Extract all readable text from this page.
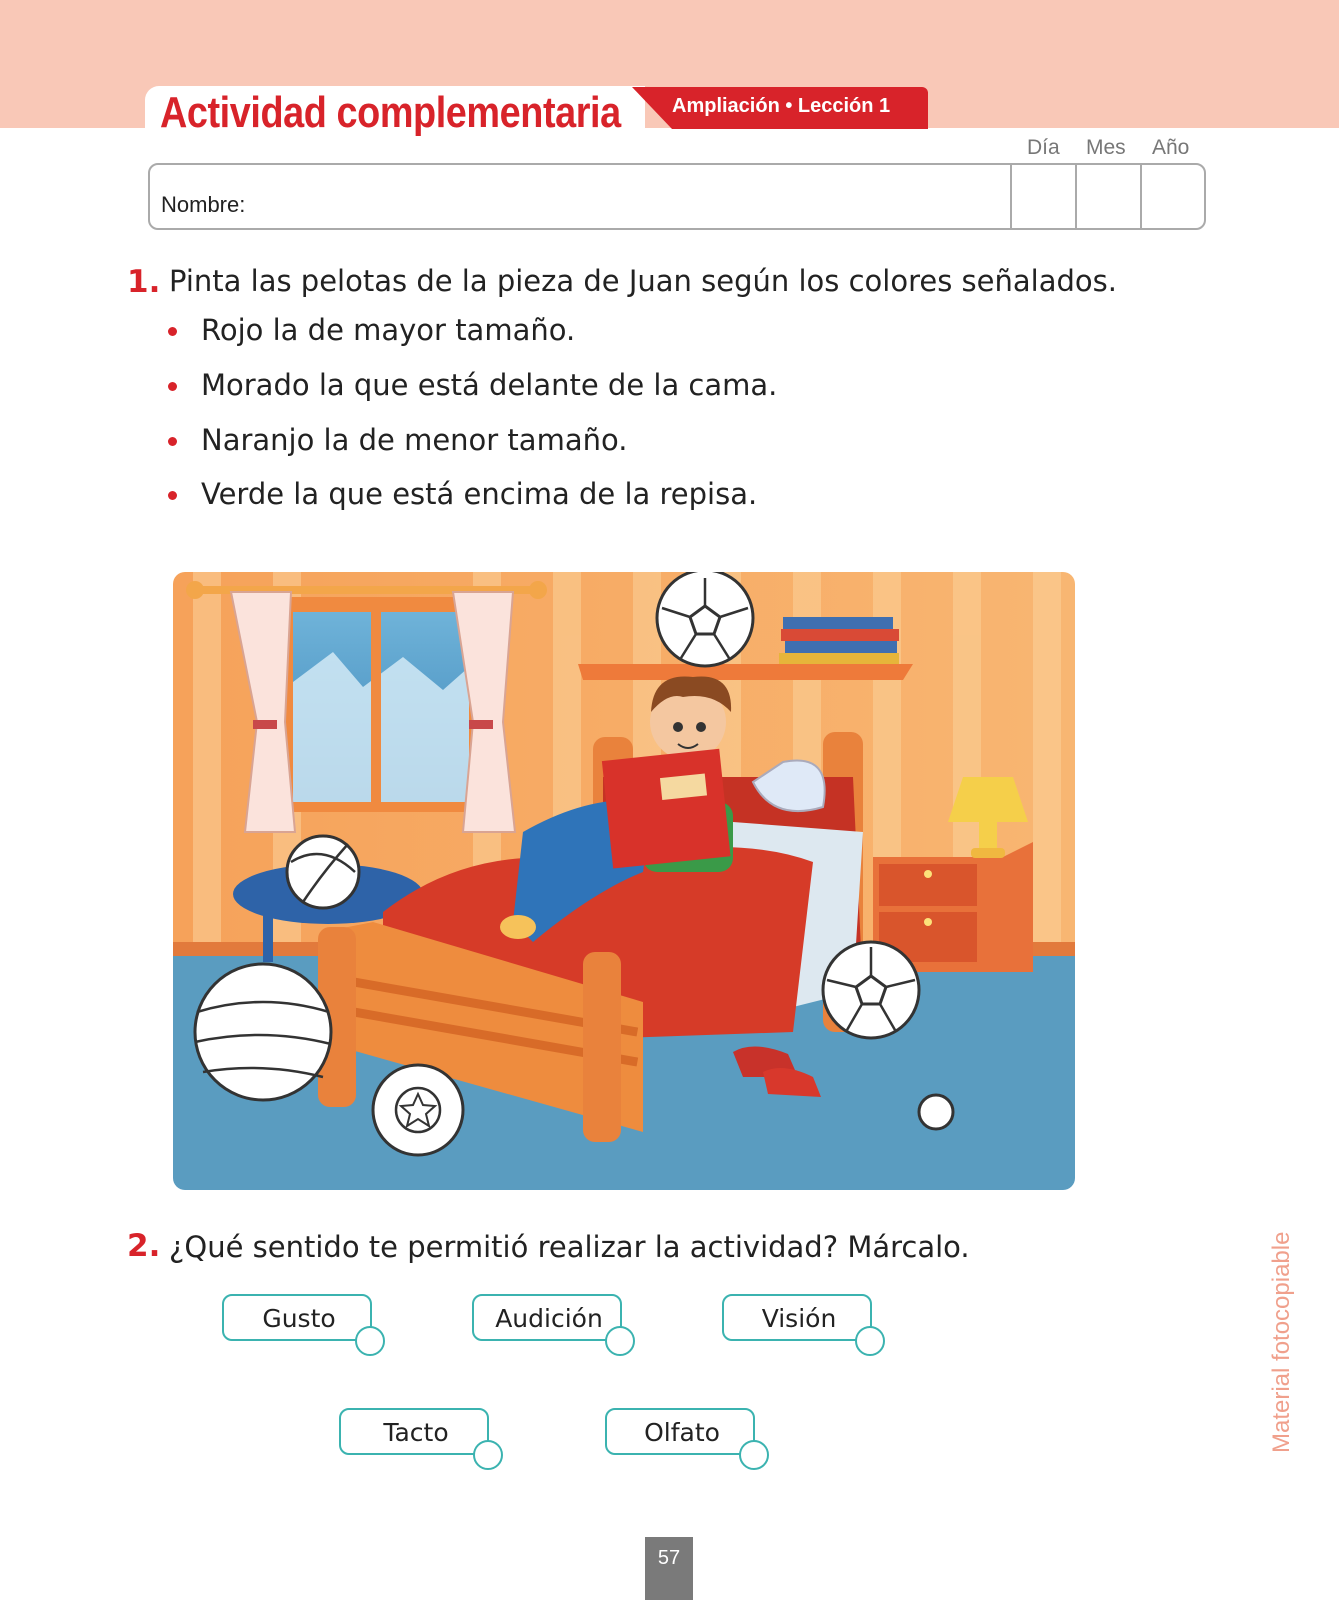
Actividad complementaria	Ampliación • Lección 1
Día Mes Año
Nombre:
1. Pinta las pelotas de la pieza de Juan según los colores señalados.
Rojo la de mayor tamaño.
Morado la que está delante de la cama.
Naranjo la de menor tamaño.
Verde la que está encima de la repisa.
2. ¿Qué sentido te permitió realizar la actividad? Márcalo.
Gusto	Audición	Visión
Tacto	Olfato	Material fotocopiable
57
